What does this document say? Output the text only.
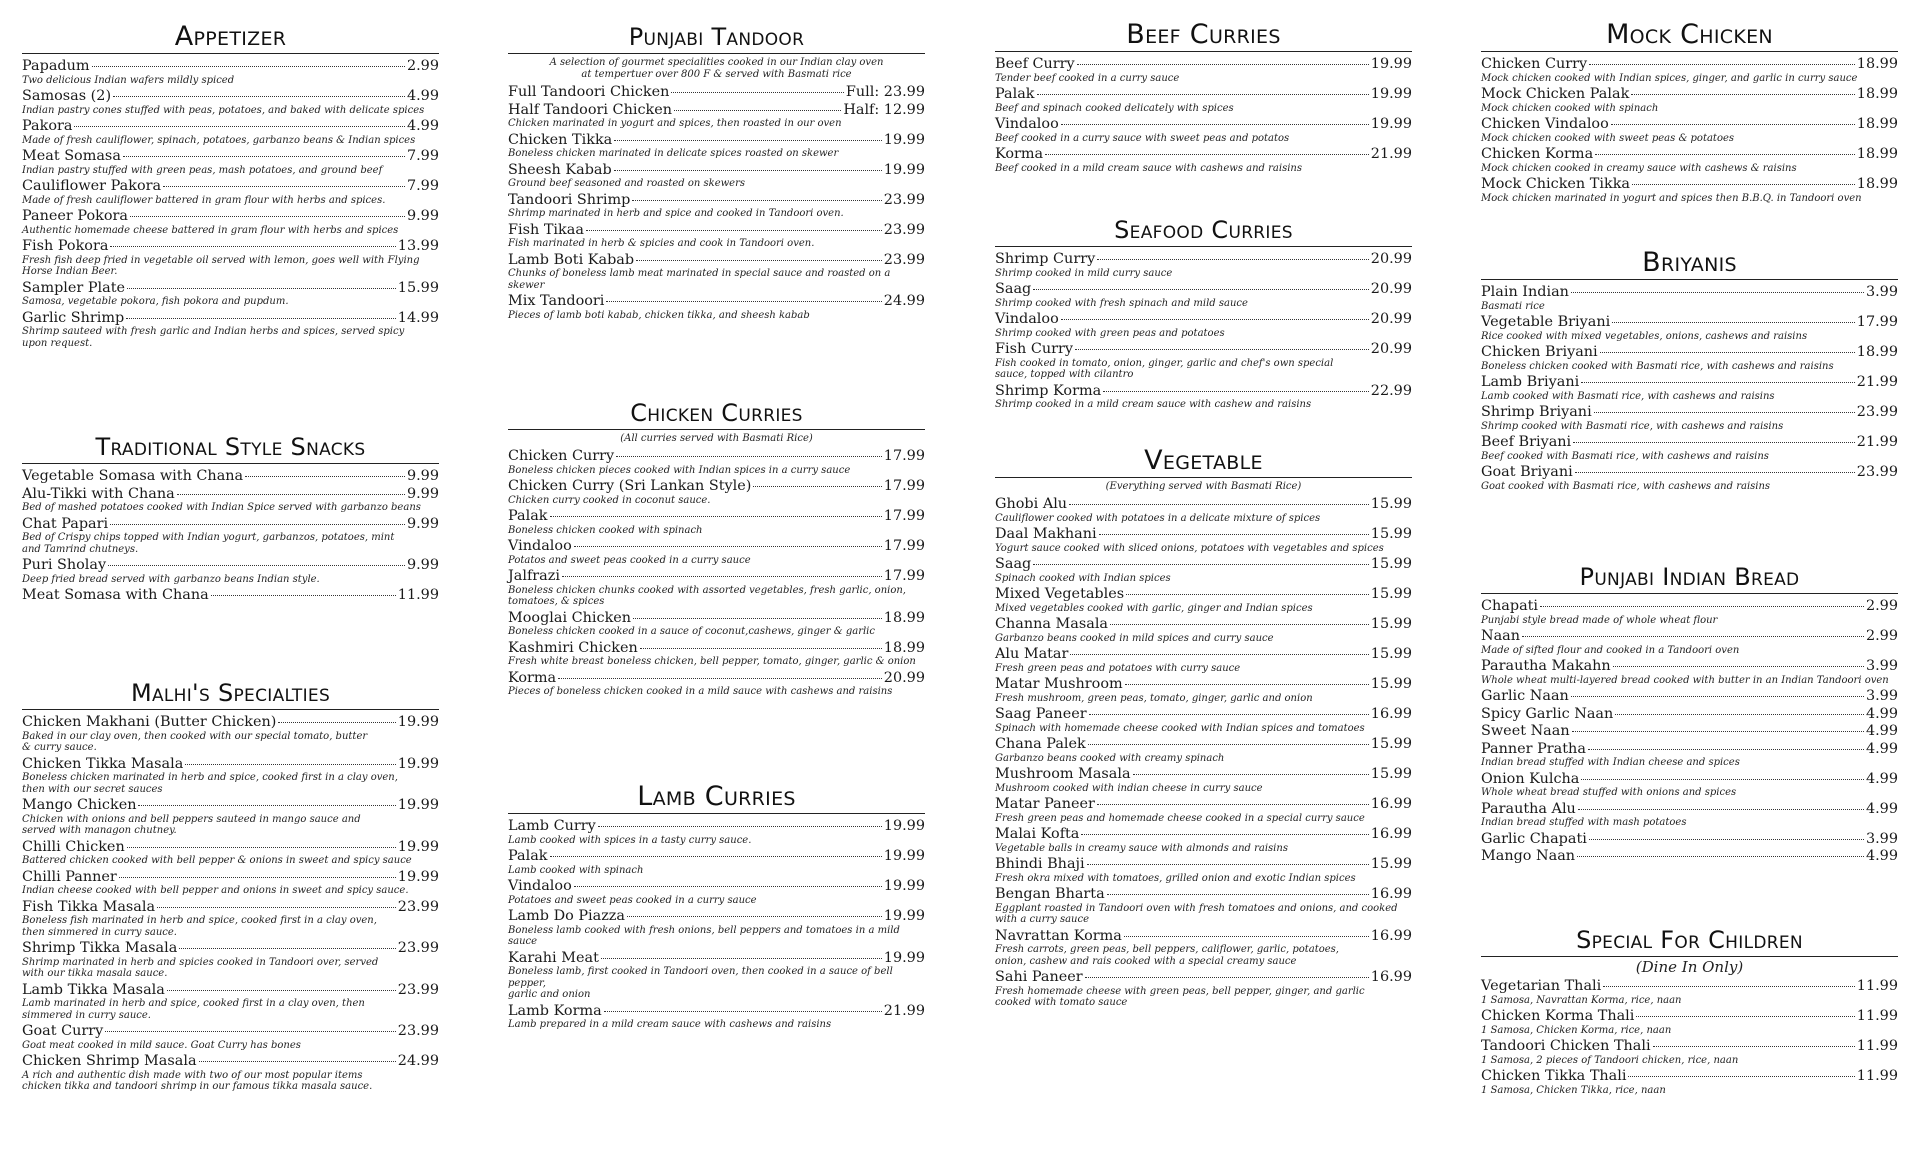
Appetizer
Papadum	2.99
Two delicious Indian wafers mildly spiced
Samosas (2)	4.99
Indian pastry cones stuffed with peas, potatoes, and baked with delicate spices
Pakora	4.99
Made of fresh cauliflower, spinach, potatoes, garbanzo beans & Indian spices
Meat Somasa	7.99
Indian pastry stuffed with green peas, mash potatoes, and ground beef
Cauliflower Pakora	7.99
Made of fresh cauliflower battered in gram flour with herbs and spices.
Paneer Pokora	9.99
Authentic homemade cheese battered in gram flour with herbs and spices
Fish Pokora	13.99
Fresh fish deep fried in vegetable oil served with lemon, goes well with Flying
Horse Indian Beer.
Sampler Plate	15.99
Samosa, vegetable pokora, fish pokora and pupdum.
Garlic Shrimp	14.99
Shrimp sauteed with fresh garlic and Indian herbs and spices, served spicy
upon request.
Traditional Style Snacks
Vegetable Somasa with Chana	9.99
Alu-Tikki with Chana	9.99
Bed of mashed potatoes cooked with Indian Spice served with garbanzo beans
Chat Papari	9.99
Bed of Crispy chips topped with Indian yogurt, garbanzos, potatoes, mint
and Tamrind chutneys.
Puri Sholay	9.99
Deep fried bread served with garbanzo beans Indian style.
Meat Somasa with Chana	11.99
Malhi's Specialties
Chicken Makhani (Butter Chicken)	19.99
Baked in our clay oven, then cooked with our special tomato, butter
& curry sauce.
Chicken Tikka Masala	19.99
Boneless chicken marinated in herb and spice, cooked first in a clay oven,
then with our secret sauces
Mango Chicken	19.99
Chicken with onions and bell peppers sauteed in mango sauce and
served with managon chutney.
Chilli Chicken	19.99
Battered chicken cooked with bell pepper & onions in sweet and spicy sauce
Chilli Panner	19.99
Indian cheese cooked with bell pepper and onions in sweet and spicy sauce.
Fish Tikka Masala	23.99
Boneless fish marinated in herb and spice, cooked first in a clay oven,
then simmered in curry sauce.
Shrimp Tikka Masala	23.99
Shrimp marinated in herb and spicies cooked in Tandoori over, served
with our tikka masala sauce.
Lamb Tikka Masala	23.99
Lamb marinated in herb and spice, cooked first in a clay oven, then
simmered in curry sauce.
Goat Curry	23.99
Goat meat cooked in mild sauce. Goat Curry has bones
Chicken Shrimp Masala	24.99
A rich and authentic dish made with two of our most popular items
chicken tikka and tandoori shrimp in our famous tikka masala sauce.
Punjabi Tandoor
A selection of gourmet specialities cooked in our Indian clay oven
at tempertuer over 800 F & served with Basmati rice
Full Tandoori Chicken	Full: 23.99
Half Tandoori Chicken	Half: 12.99
Chicken marinated in yogurt and spices, then roasted in our oven
Chicken Tikka	19.99
Boneless chicken marinated in delicate spices roasted on skewer
Sheesh Kabab	19.99
Ground beef seasoned and roasted on skewers
Tandoori Shrimp	23.99
Shrimp marinated in herb and spice and cooked in Tandoori oven.
Fish Tikaa	23.99
Fish marinated in herb & spicies and cook in Tandoori oven.
Lamb Boti Kabab	23.99
Chunks of boneless lamb meat marinated in special sauce and roasted on a skewer
Mix Tandoori	24.99
Pieces of lamb boti kabab, chicken tikka, and sheesh kabab
Chicken Curries
(All curries served with Basmati Rice)
Chicken Curry	17.99
Boneless chicken pieces cooked with Indian spices in a curry sauce
Chicken Curry (Sri Lankan Style)	17.99
Chicken curry cooked in coconut sauce.
Palak	17.99
Boneless chicken cooked with spinach
Vindaloo	17.99
Potatos and sweet peas cooked in a curry sauce
Jalfrazi	17.99
Boneless chicken chunks cooked with assorted vegetables, fresh garlic, onion,
tomatoes, & spices
Mooglai Chicken	18.99
Boneless chicken cooked in a sauce of coconut,cashews, ginger & garlic
Kashmiri Chicken	18.99
Fresh white breast boneless chicken, bell pepper, tomato, ginger, garlic & onion
Korma	20.99
Pieces of boneless chicken cooked in a mild sauce with cashews and raisins
Lamb Curries
Lamb Curry	19.99
Lamb cooked with spices in a tasty curry sauce.
Palak	19.99
Lamb cooked with spinach
Vindaloo	19.99
Potatoes and sweet peas cooked in a curry sauce
Lamb Do Piazza	19.99
Boneless lamb cooked with fresh onions, bell peppers and tomatoes in a mild sauce
Karahi Meat	19.99
Boneless lamb, first cooked in Tandoori oven, then cooked in a sauce of bell pepper,
garlic and onion
Lamb Korma	21.99
Lamb prepared in a mild cream sauce with cashews and raisins
Beef Curries
Beef Curry	19.99
Tender beef cooked in a curry sauce
Palak	19.99
Beef and spinach cooked delicately with spices
Vindaloo	19.99
Beef cooked in a curry sauce with sweet peas and potatos
Korma	21.99
Beef cooked in a mild cream sauce with cashews and raisins
Seafood Curries
Shrimp Curry	20.99
Shrimp cooked in mild curry sauce
Saag	20.99
Shrimp cooked with fresh spinach and mild sauce
Vindaloo	20.99
Shrimp cooked with green peas and potatoes
Fish Curry	20.99
Fish cooked in tomato, onion, ginger, garlic and chef's own special
sauce, topped with cilantro
Shrimp Korma	22.99
Shrimp cooked in a mild cream sauce with cashew and raisins
Vegetable
(Everything served with Basmati Rice)
Ghobi Alu	15.99
Cauliflower cooked with potatoes in a delicate mixture of spices
Daal Makhani	15.99
Yogurt sauce cooked with sliced onions, potatoes with vegetables and spices
Saag	15.99
Spinach cooked with Indian spices
Mixed Vegetables	15.99
Mixed vegetables cooked with garlic, ginger and Indian spices
Channa Masala	15.99
Garbanzo beans cooked in mild spices and curry sauce
Alu Matar	15.99
Fresh green peas and potatoes with curry sauce
Matar Mushroom	15.99
Fresh mushroom, green peas, tomato, ginger, garlic and onion
Saag Paneer	16.99
Spinach with homemade cheese cooked with Indian spices and tomatoes
Chana Palek	15.99
Garbanzo beans cooked with creamy spinach
Mushroom Masala	15.99
Mushroom cooked with indian cheese in curry sauce
Matar Paneer	16.99
Fresh green peas and homemade cheese cooked in a special curry sauce
Malai Kofta	16.99
Vegetable balls in creamy sauce with almonds and raisins
Bhindi Bhaji	15.99
Fresh okra mixed with tomatoes, grilled onion and exotic Indian spices
Bengan Bharta	16.99
Eggplant roasted in Tandoori oven with fresh tomatoes and onions, and cooked
with a curry sauce
Navrattan Korma	16.99
Fresh carrots, green peas, bell peppers, califlower, garlic, potatoes,
onion, cashew and rais cooked with a special creamy sauce
Sahi Paneer	16.99
Fresh homemade cheese with green peas, bell pepper, ginger, and garlic
cooked with tomato sauce
Mock Chicken
Chicken Curry	18.99
Mock chicken cooked with Indian spices, ginger, and garlic in curry sauce
Mock Chicken Palak	18.99
Mock chicken cooked with spinach
Chicken Vindaloo	18.99
Mock chicken cooked with sweet peas & potatoes
Chicken Korma	18.99
Mock chicken cooked in creamy sauce with cashews & raisins
Mock Chicken Tikka	18.99
Mock chicken marinated in yogurt and spices then B.B.Q. in Tandoori oven
Briyanis
Plain Indian	3.99
Basmati rice
Vegetable Briyani	17.99
Rice cooked with mixed vegetables, onions, cashews and raisins
Chicken Briyani	18.99
Boneless chicken cooked with Basmati rice, with cashews and raisins
Lamb Briyani	21.99
Lamb cooked with Basmati rice, with cashews and raisins
Shrimp Briyani	23.99
Shrimp cooked with Basmati rice, with cashews and raisins
Beef Briyani	21.99
Beef cooked with Basmati rice, with cashews and raisins
Goat Briyani	23.99
Goat cooked with Basmati rice, with cashews and raisins
Punjabi Indian Bread
Chapati	2.99
Punjabi style bread made of whole wheat flour
Naan	2.99
Made of sifted flour and cooked in a Tandoori oven
Parautha Makahn	3.99
Whole wheat multi-layered bread cooked with butter in an Indian Tandoori oven
Garlic Naan	3.99
Spicy Garlic Naan	4.99
Sweet Naan	4.99
Panner Pratha	4.99
Indian bread stuffed with Indian cheese and spices
Onion Kulcha	4.99
Whole wheat bread stuffed with onions and spices
Parautha Alu	4.99
Indian bread stuffed with mash potatoes
Garlic Chapati	3.99
Mango Naan	4.99
Special For Children
(Dine In Only)
Vegetarian Thali	11.99
1 Samosa, Navrattan Korma, rice, naan
Chicken Korma Thali	11.99
1 Samosa, Chicken Korma, rice, naan
Tandoori Chicken Thali	11.99
1 Samosa, 2 pieces of Tandoori chicken, rice, naan
Chicken Tikka Thali	11.99
1 Samosa, Chicken Tikka, rice, naan
